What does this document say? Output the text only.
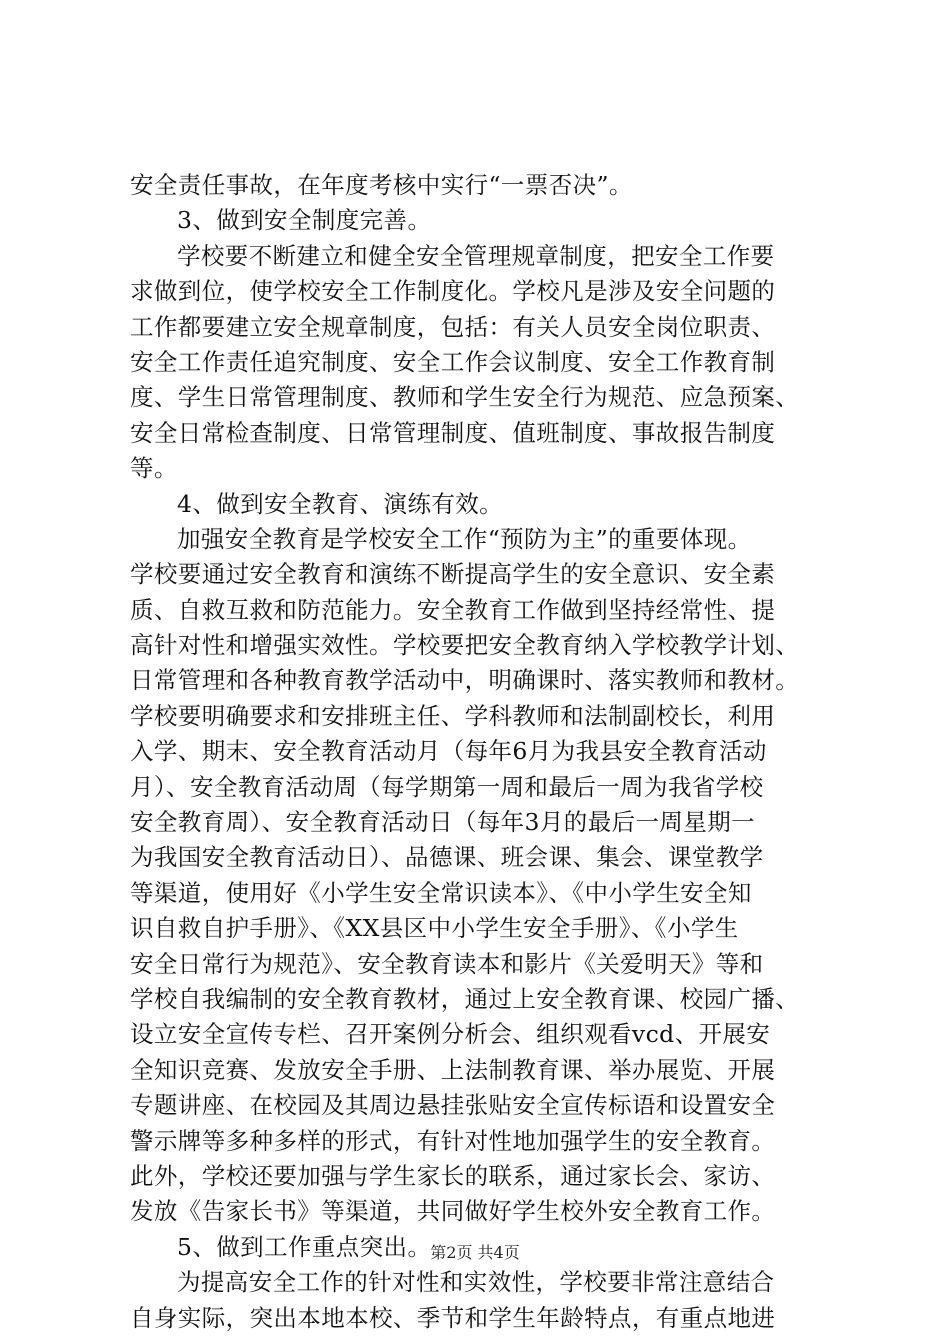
安全责任事故，在年度考核中实行“一票否决”。
3、做到安全制度完善。
学校要不断建立和健全安全管理规章制度，把安全工作要
求做到位，使学校安全工作制度化。学校凡是涉及安全问题的
工作都要建立安全规章制度，包括：有关人员安全岗位职责、
安全工作责任追究制度、安全工作会议制度、安全工作教育制
度、学生日常管理制度、教师和学生安全行为规范、应急预案、
安全日常检查制度、日常管理制度、值班制度、事故报告制度
等。
4、做到安全教育、演练有效。
加强安全教育是学校安全工作“预防为主”的重要体现。
学校要通过安全教育和演练不断提高学生的安全意识、安全素
质、自救互救和防范能力。安全教育工作做到坚持经常性、提
高针对性和增强实效性。学校要把安全教育纳入学校教学计划、
日常管理和各种教育教学活动中，明确课时、落实教师和教材。
学校要明确要求和安排班主任、学科教师和法制副校长，利用
入学、期末、安全教育活动月（每年6月为我县安全教育活动
月）、安全教育活动周（每学期第一周和最后一周为我省学校
安全教育周）、安全教育活动日（每年3月的最后一周星期一
为我国安全教育活动日）、品德课、班会课、集会、课堂教学
等渠道，使用好《小学生安全常识读本》、《中小学生安全知
识自救自护手册》、《XX县区中小学生安全手册》、《小学生
安全日常行为规范》、安全教育读本和影片《关爱明天》等和
学校自我编制的安全教育教材，通过上安全教育课、校园广播、
设立安全宣传专栏、召开案例分析会、组织观看vcd、开展安
全知识竞赛、发放安全手册、上法制教育课、举办展览、开展
专题讲座、在校园及其周边悬挂张贴安全宣传标语和设置安全
警示牌等多种多样的形式，有针对性地加强学生的安全教育。
此外，学校还要加强与学生家长的联系，通过家长会、家访、
发放《告家长书》等渠道，共同做好学生校外安全教育工作。
5、做到工作重点突出。
为提高安全工作的针对性和实效性，学校要非常注意结合
自身实际，突出本地本校、季节和学生年龄特点，有重点地进
第2页 共4页
